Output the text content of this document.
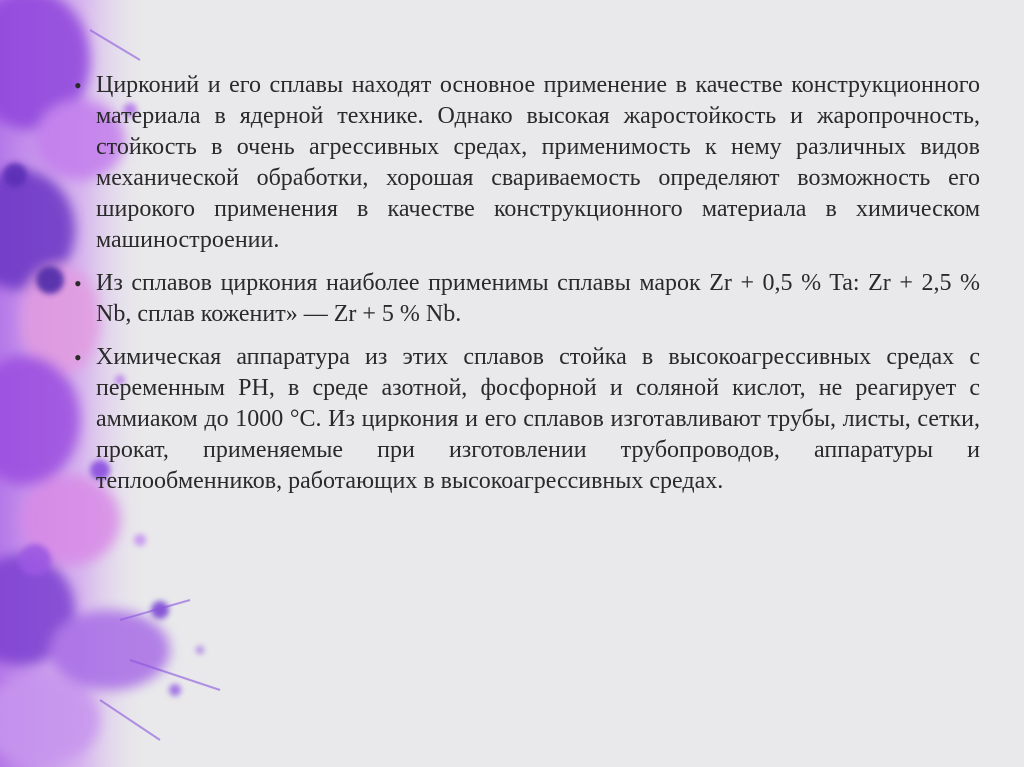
• Цирконий и его сплавы находят основное применение в качестве конструкционного материала в ядерной технике. Однако высокая жаростойкость и жаропрочность, стойкость в очень агрессивных средах, применимость к нему различных видов механической обработки, хорошая свариваемость определяют возможность его широкого применения в качестве конструкционного материала в химическом машиностроении.
• Из сплавов циркония наиболее применимы сплавы марок Zr + 0,5 % Ta: Zr + 2,5 % Nb, сплав коженит» — Zr + 5 % Nb.
• Химическая аппаратура из этих сплавов стойка в высокоагрессивных средах с переменным РН, в среде азотной, фосфорной и соляной кислот, не реагирует с аммиаком до 1000 °С. Из циркония и его сплавов изготавливают трубы, листы, сетки, прокат, применяемые при изготовлении трубопроводов, аппаратуры и теплообменников, работающих в высокоагрессивных средах.
